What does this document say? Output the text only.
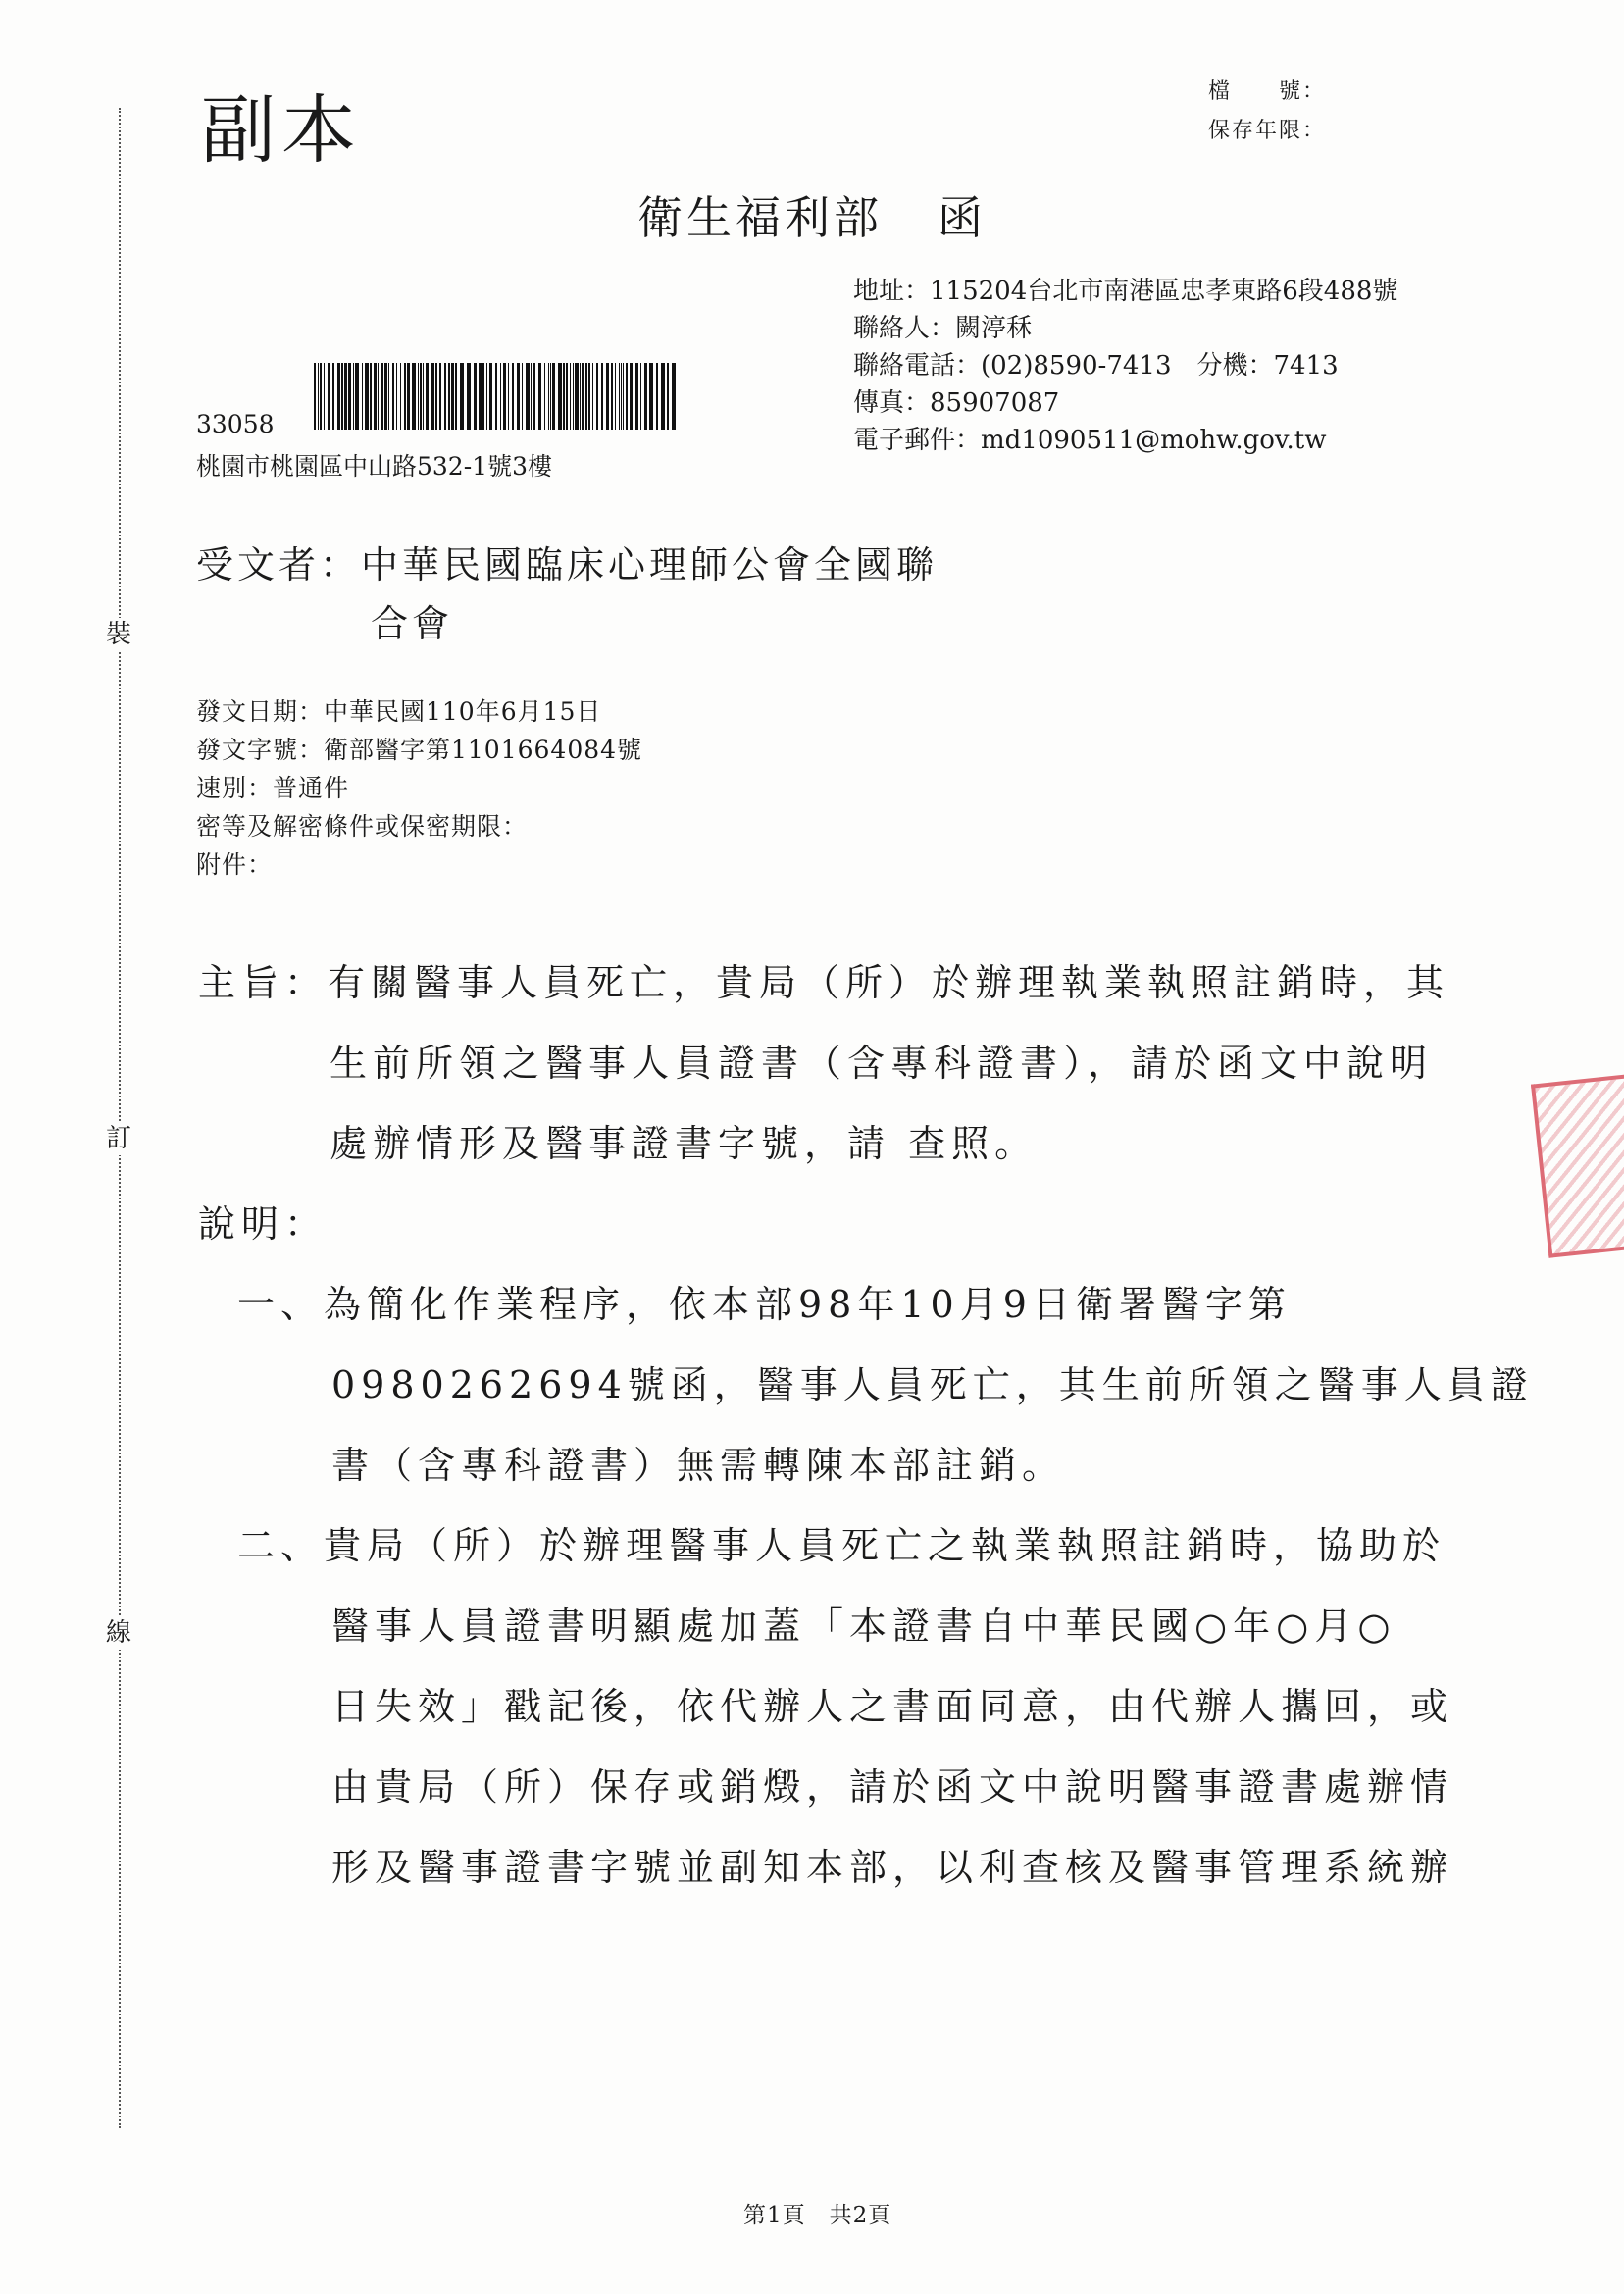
裝
訂
線
副本	檔　　號：
保存年限：
衛生福利部 函
地址：115204台北市南港區忠孝東路6段488號
聯絡人：闕渟秝
聯絡電話：(02)8590-7413　分機：7413
傳真：85907087
電子郵件：md1090511@mohw.gov.tw
33058
桃園市桃園區中山路532-1號3樓
受文者：中華民國臨床心理師公會全國聯
合會
發文日期：中華民國110年6月15日
發文字號：衛部醫字第1101664084號
速別：普通件
密等及解密條件或保密期限：
附件：
主旨：有關醫事人員死亡，貴局（所）於辦理執業執照註銷時，其
生前所領之醫事人員證書（含專科證書），請於函文中說明
處辦情形及醫事證書字號，請 查照。
說明：
一、為簡化作業程序，依本部98年10月9日衛署醫字第
0980262694號函，醫事人員死亡，其生前所領之醫事人員證
書（含專科證書）無需轉陳本部註銷。
二、貴局（所）於辦理醫事人員死亡之執業執照註銷時，協助於
醫事人員證書明顯處加蓋「本證書自中華民國○年○月○
日失效」戳記後，依代辦人之書面同意，由代辦人攜回，或
由貴局（所）保存或銷燬，請於函文中說明醫事證書處辦情
形及醫事證書字號並副知本部，以利查核及醫事管理系統辦
第1頁　共2頁
